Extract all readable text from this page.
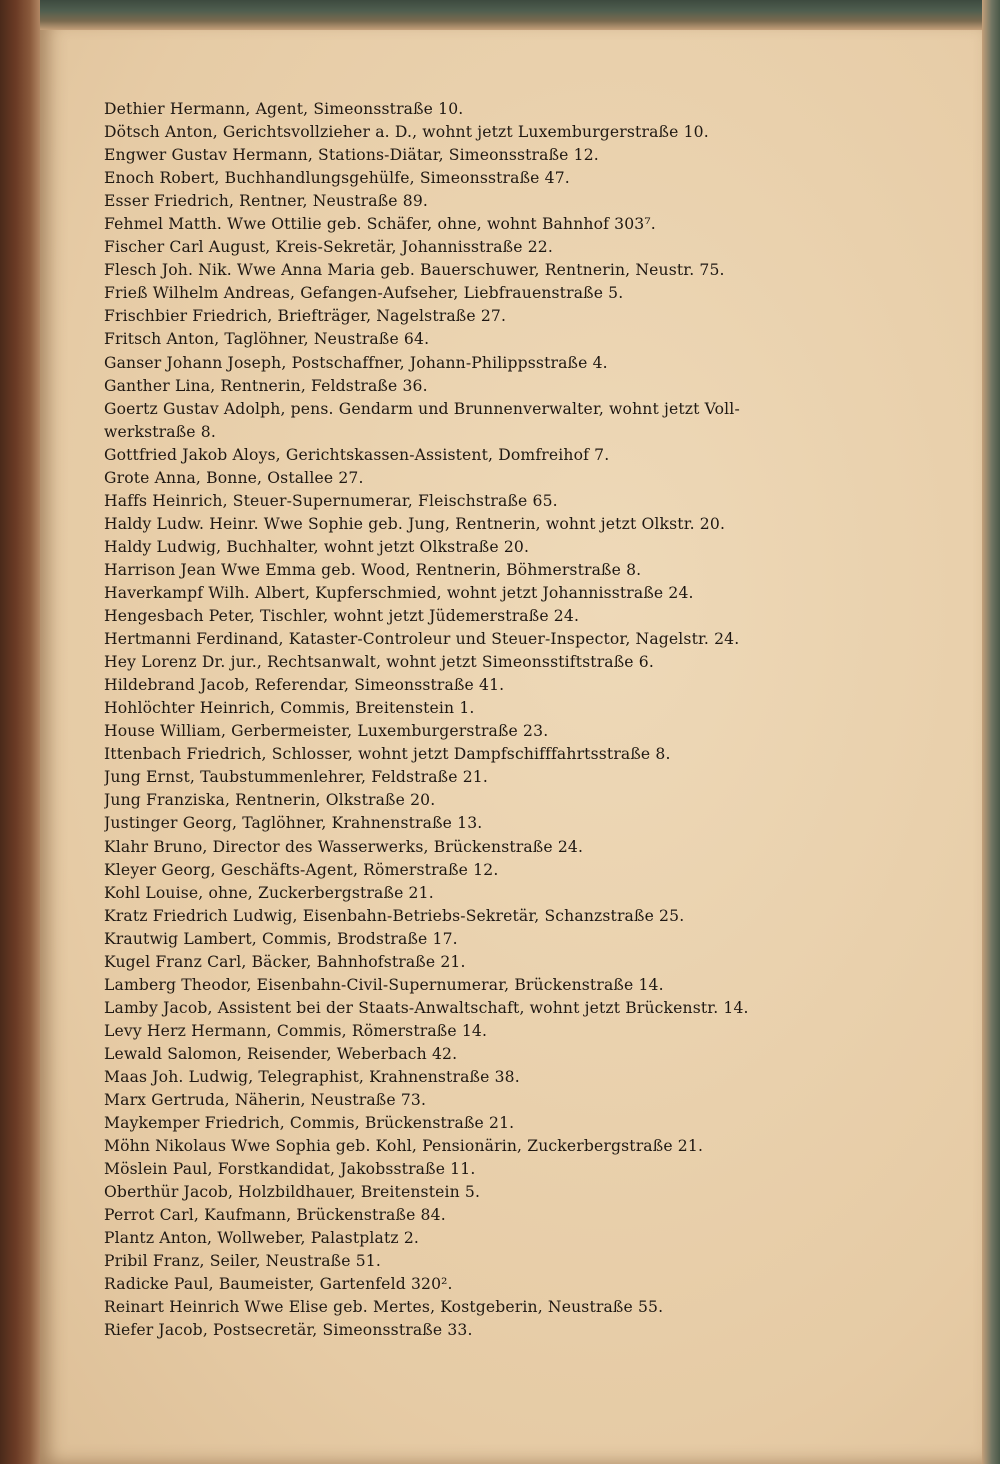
Dethier Hermann, Agent, Simeonsstraße 10.
Dötsch Anton, Gerichtsvollzieher a. D., wohnt jetzt Luxemburgerstraße 10.
Engwer Gustav Hermann, Stations-Diätar, Simeonsstraße 12.
Enoch Robert, Buchhandlungsgehülfe, Simeonsstraße 47.
Esser Friedrich, Rentner, Neustraße 89.
Fehmel Matth. Wwe Ottilie geb. Schäfer, ohne, wohnt Bahnhof 303⁷.
Fischer Carl August, Kreis-Sekretär, Johannisstraße 22.
Flesch Joh. Nik. Wwe Anna Maria geb. Bauerschuwer, Rentnerin, Neustr. 75.
Frieß Wilhelm Andreas, Gefangen-Aufseher, Liebfrauenstraße 5.
Frischbier Friedrich, Briefträger, Nagelstraße 27.
Fritsch Anton, Taglöhner, Neustraße 64.
Ganser Johann Joseph, Postschaffner, Johann-Philippsstraße 4.
Ganther Lina, Rentnerin, Feldstraße 36.
Goertz Gustav Adolph, pens. Gendarm und Brunnenverwalter, wohnt jetzt Voll-
werkstraße 8.
Gottfried Jakob Aloys, Gerichtskassen-Assistent, Domfreihof 7.
Grote Anna, Bonne, Ostallee 27.
Haffs Heinrich, Steuer-Supernumerar, Fleischstraße 65.
Haldy Ludw. Heinr. Wwe Sophie geb. Jung, Rentnerin, wohnt jetzt Olkstr. 20.
Haldy Ludwig, Buchhalter, wohnt jetzt Olkstraße 20.
Harrison Jean Wwe Emma geb. Wood, Rentnerin, Böhmerstraße 8.
Haverkampf Wilh. Albert, Kupferschmied, wohnt jetzt Johannisstraße 24.
Hengesbach Peter, Tischler, wohnt jetzt Jüdemerstraße 24.
Hertmanni Ferdinand, Kataster-Controleur und Steuer-Inspector, Nagelstr. 24.
Hey Lorenz Dr. jur., Rechtsanwalt, wohnt jetzt Simeonsstiftstraße 6.
Hildebrand Jacob, Referendar, Simeonsstraße 41.
Hohlöchter Heinrich, Commis, Breitenstein 1.
House William, Gerbermeister, Luxemburgerstraße 23.
Ittenbach Friedrich, Schlosser, wohnt jetzt Dampfschifffahrtsstraße 8.
Jung Ernst, Taubstummenlehrer, Feldstraße 21.
Jung Franziska, Rentnerin, Olkstraße 20.
Justinger Georg, Taglöhner, Krahnenstraße 13.
Klahr Bruno, Director des Wasserwerks, Brückenstraße 24.
Kleyer Georg, Geschäfts-Agent, Römerstraße 12.
Kohl Louise, ohne, Zuckerbergstraße 21.
Kratz Friedrich Ludwig, Eisenbahn-Betriebs-Sekretär, Schanzstraße 25.
Krautwig Lambert, Commis, Brodstraße 17.
Kugel Franz Carl, Bäcker, Bahnhofstraße 21.
Lamberg Theodor, Eisenbahn-Civil-Supernumerar, Brückenstraße 14.
Lamby Jacob, Assistent bei der Staats-Anwaltschaft, wohnt jetzt Brückenstr. 14.
Levy Herz Hermann, Commis, Römerstraße 14.
Lewald Salomon, Reisender, Weberbach 42.
Maas Joh. Ludwig, Telegraphist, Krahnenstraße 38.
Marx Gertruda, Näherin, Neustraße 73.
Maykemper Friedrich, Commis, Brückenstraße 21.
Möhn Nikolaus Wwe Sophia geb. Kohl, Pensionärin, Zuckerbergstraße 21.
Möslein Paul, Forstkandidat, Jakobsstraße 11.
Oberthür Jacob, Holzbildhauer, Breitenstein 5.
Perrot Carl, Kaufmann, Brückenstraße 84.
Plantz Anton, Wollweber, Palastplatz 2.
Pribil Franz, Seiler, Neustraße 51.
Radicke Paul, Baumeister, Gartenfeld 320².
Reinart Heinrich Wwe Elise geb. Mertes, Kostgeberin, Neustraße 55.
Riefer Jacob, Postsecretär, Simeonsstraße 33.
